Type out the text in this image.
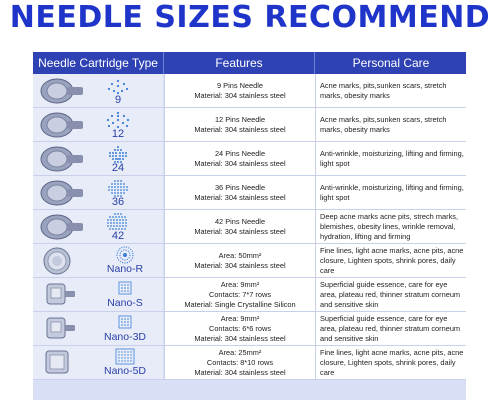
NEEDLE SIZES RECOMMEND
Needle Cartridge Type	Features	Personal Care
9
9 Pins Needle
Material: 304 stainless steel
Acne marks, pits,sunken scars, stretch marks, obesity marks
12
12 Pins Needle
Material: 304 stainless steel
Acne marks, pits,sunken scars, stretch marks, obesity marks
24
24 Pins Needle
Material: 304 stainless steel
Anti-wrinkle, moisturizing, lifting and firming, light spot
36
36 Pins Needle
Material: 304 stainless steel
Anti-wrinkle, moisturizing, lifting and firming, light spot
42
42 Pins Needle
Material: 304 stainless steel
Deep acne marks acne pits, strech marks, blemishes, obesity lines, wrinkle removal, hydration, lifting and firming
Nano-R
Area: 50mm²
Material: 304 stainless steel
Fine lines, light acne marks, acne pits, acne closure, Lighten spots, shrink pores, daily care
Nano-S
Area: 9mm²
Contacts: 7*7 rows
Material: Single Crystalline Silicon
Superficial guide essence, care for eye area, plateau red, thinner stratum corneum and sensitive skin
Nano-3D
Area: 9mm²
Contacts: 6*6 rows
Material: 304 stainless steel
Superficial guide essence, care for eye area, plateau red, thinner stratum corneum and sensitive skin
Nano-5D
Area: 25mm²
Contacts: 8*10 rows
Material: 304 stainless steel
Fine lines, light acne marks, acne pits, acne closure, Lighten spots, shrink pores, daily care
